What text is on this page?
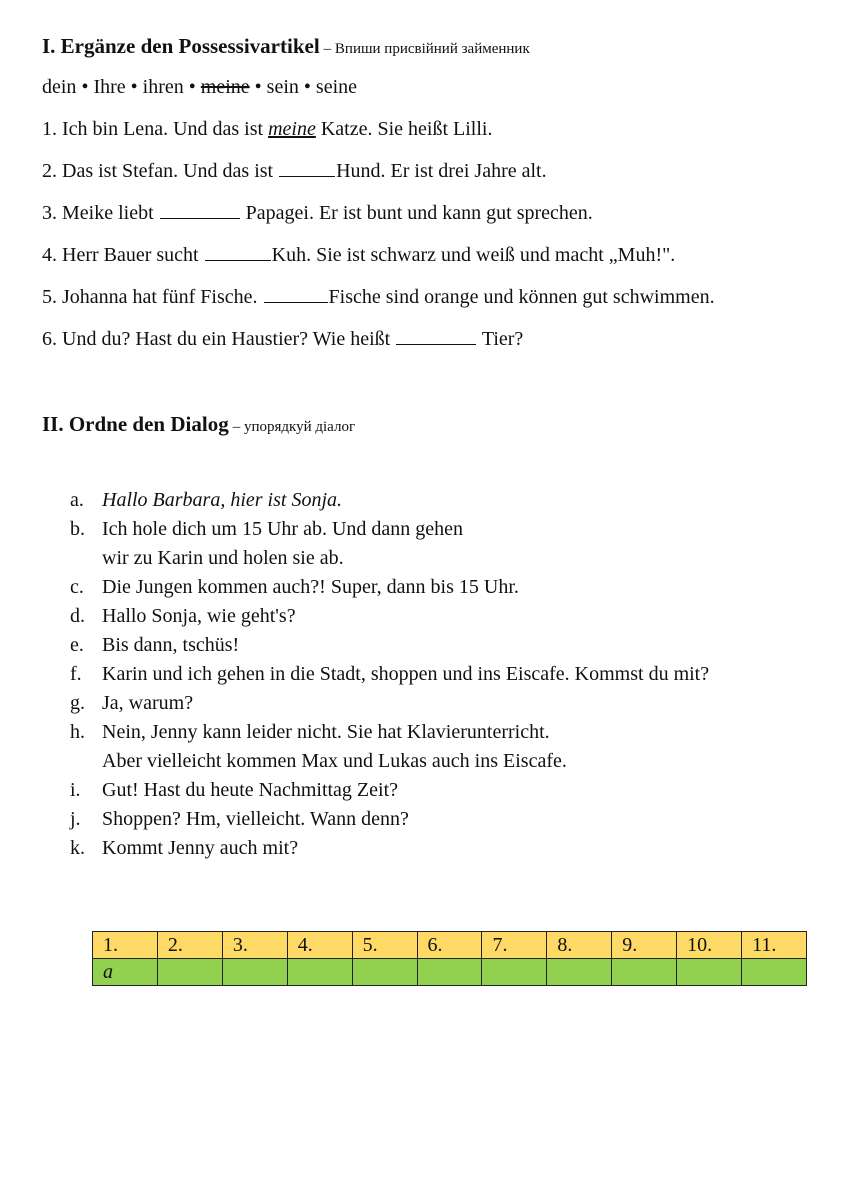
I. Ergänze den Possessivartikel – Впиши присвійний займенник
dein • Ihre • ihren • meine • sein • seine
1. Ich bin Lena. Und das ist meine Katze. Sie heißt Lilli.
2. Das ist Stefan. Und das ist	Hund. Er ist drei Jahre alt.
3. Meike liebt	Papagei. Er ist bunt und kann gut sprechen.
4. Herr Bauer sucht	Kuh. Sie ist schwarz und weiß und macht „Muh!".
5. Johanna hat fünf Fische.	Fische sind orange und können gut schwimmen.
6. Und du? Hast du ein Haustier? Wie heißt	Tier?
II. Ordne den Dialog – упорядкуй діалог
a. Hallo Barbara, hier ist Sonja.
b. Ich hole dich um 15 Uhr ab. Und dann gehen
wir zu Karin und holen sie ab.
c. Die Jungen kommen auch?! Super, dann bis 15 Uhr.
d. Hallo Sonja, wie geht's?
e. Bis dann, tschüs!
f.	Karin und ich gehen in die Stadt, shoppen und ins Eiscafe. Kommst du mit?
g. Ja, warum?
h. Nein, Jenny kann leider nicht. Sie hat Klavierunterricht.
Aber vielleicht kommen Max und Lukas auch ins Eiscafe.
i.	Gut! Hast du heute Nachmittag Zeit?
j.	Shoppen? Hm, vielleicht. Wann denn?
k. Kommt Jenny auch mit?
1.	2.	3.	4.	5.	6.	7.	8.	9.	10.	11.
a										
